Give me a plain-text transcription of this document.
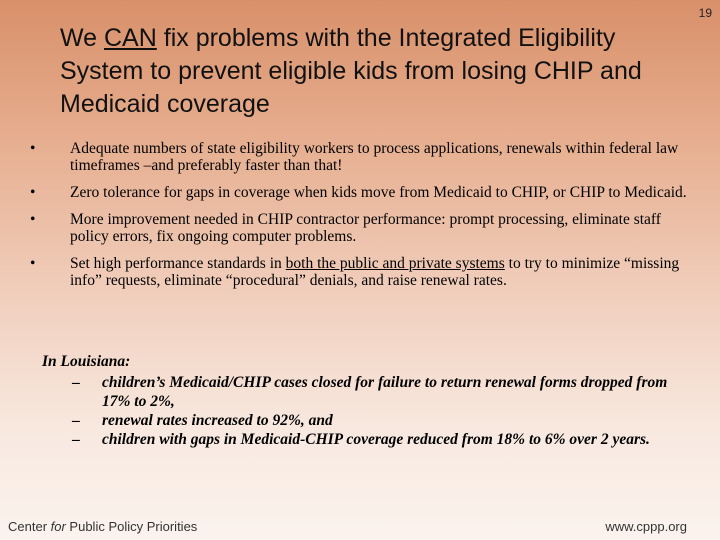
19
We CAN fix problems with the Integrated Eligibility System to prevent eligible kids from losing CHIP and Medicaid coverage
• Adequate numbers of state eligibility workers to process applications, renewals within federal law timeframes –and preferably faster than that!
• Zero tolerance for gaps in coverage when kids move from Medicaid to CHIP, or CHIP to Medicaid.
• More improvement needed in CHIP contractor performance: prompt processing, eliminate staff policy errors, fix ongoing computer problems.
• Set high performance standards in both the public and private systems to try to minimize “missing info” requests, eliminate “procedural” denials, and raise renewal rates.

In Louisiana:

– children’s Medicaid/CHIP cases closed for failure to return renewal forms dropped from 17% to 2%,
– renewal rates increased to 92%, and
– children with gaps in Medicaid-CHIP coverage reduced from 18% to 6% over 2 years.
Center for Public Policy Priorities	www.cppp.org
